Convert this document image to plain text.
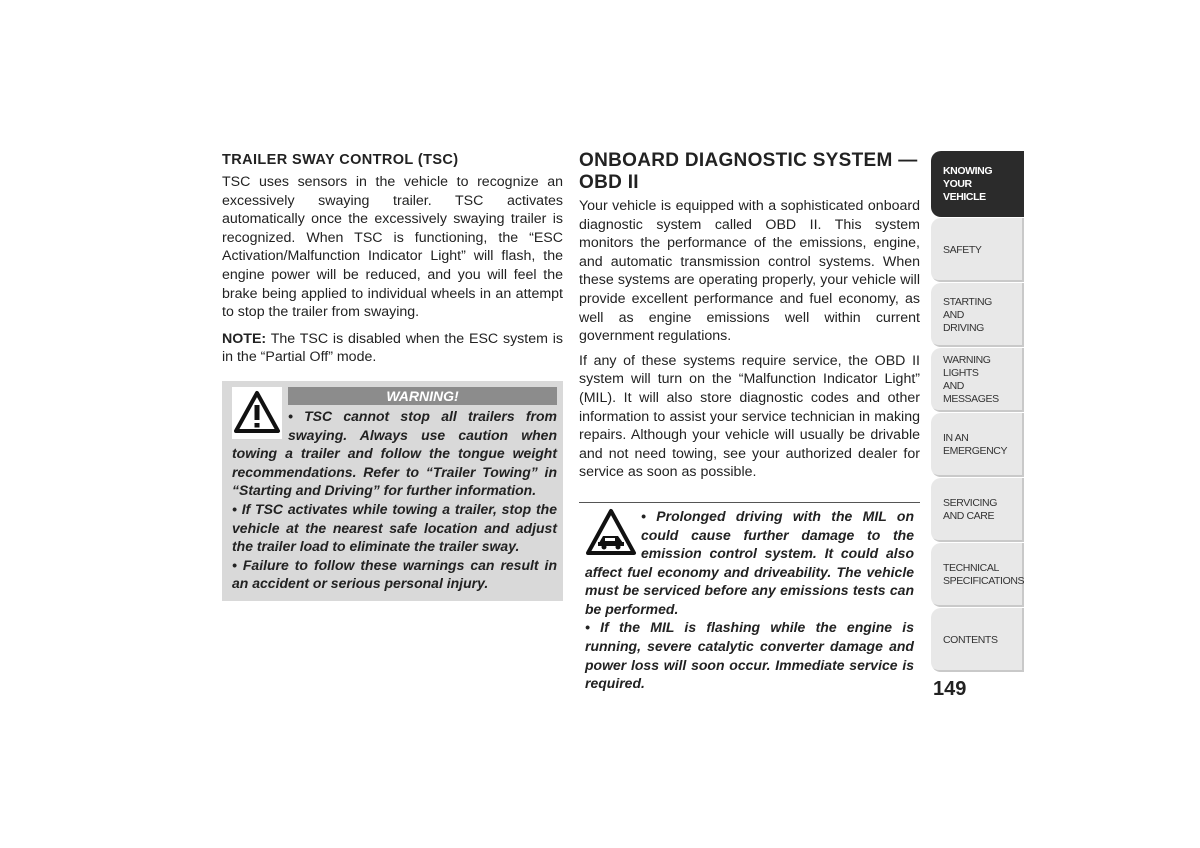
TRAILER SWAY CONTROL (TSC)

TSC uses sensors in the vehicle to recognize an excessively swaying trailer. TSC activates automatically once the excessively swaying trailer is recognized. When TSC is functioning, the “ESC Activation/Malfunction Indicator Light” will flash, the engine power will be reduced, and you will feel the brake being applied to individual wheels in an attempt to stop the trailer from swaying.

NOTE: The TSC is disabled when the ESC system is in the “Partial Off” mode.

WARNING!

• TSC cannot stop all trailers from swaying. Always use caution when towing a trailer and follow the tongue weight recommendations. Refer to “Trailer Towing” in “Starting and Driving” for further information.

• If TSC activates while towing a trailer, stop the vehicle at the nearest safe location and adjust the trailer load to eliminate the trailer sway.

• Failure to follow these warnings can result in an accident or serious personal injury.

ONBOARD DIAGNOSTIC SYSTEM — OBD II

Your vehicle is equipped with a sophisticated onboard diagnostic system called OBD II. This system monitors the performance of the emissions, engine, and automatic transmission control systems. When these systems are operating properly, your vehicle will provide excellent performance and fuel economy, as well as engine emissions well within current government regulations.

If any of these systems require service, the OBD II system will turn on the “Malfunction Indicator Light” (MIL). It will also store diagnostic codes and other information to assist your service technician in making repairs. Although your vehicle will usually be drivable and not need towing, see your authorized dealer for service as soon as possible.

• Prolonged driving with the MIL on could cause further damage to the emission control system. It could also affect fuel economy and driveability. The vehicle must be serviced before any emissions tests can be performed.

• If the MIL is flashing while the engine is running, severe catalytic converter damage and power loss will soon occur. Immediate service is required.

KNOWING
YOUR
VEHICLE
SAFETY
STARTING
AND
DRIVING
WARNING
LIGHTS
AND
MESSAGES
IN AN
EMERGENCY
SERVICING
AND CARE
TECHNICAL
SPECIFICATIONS
CONTENTS
149
